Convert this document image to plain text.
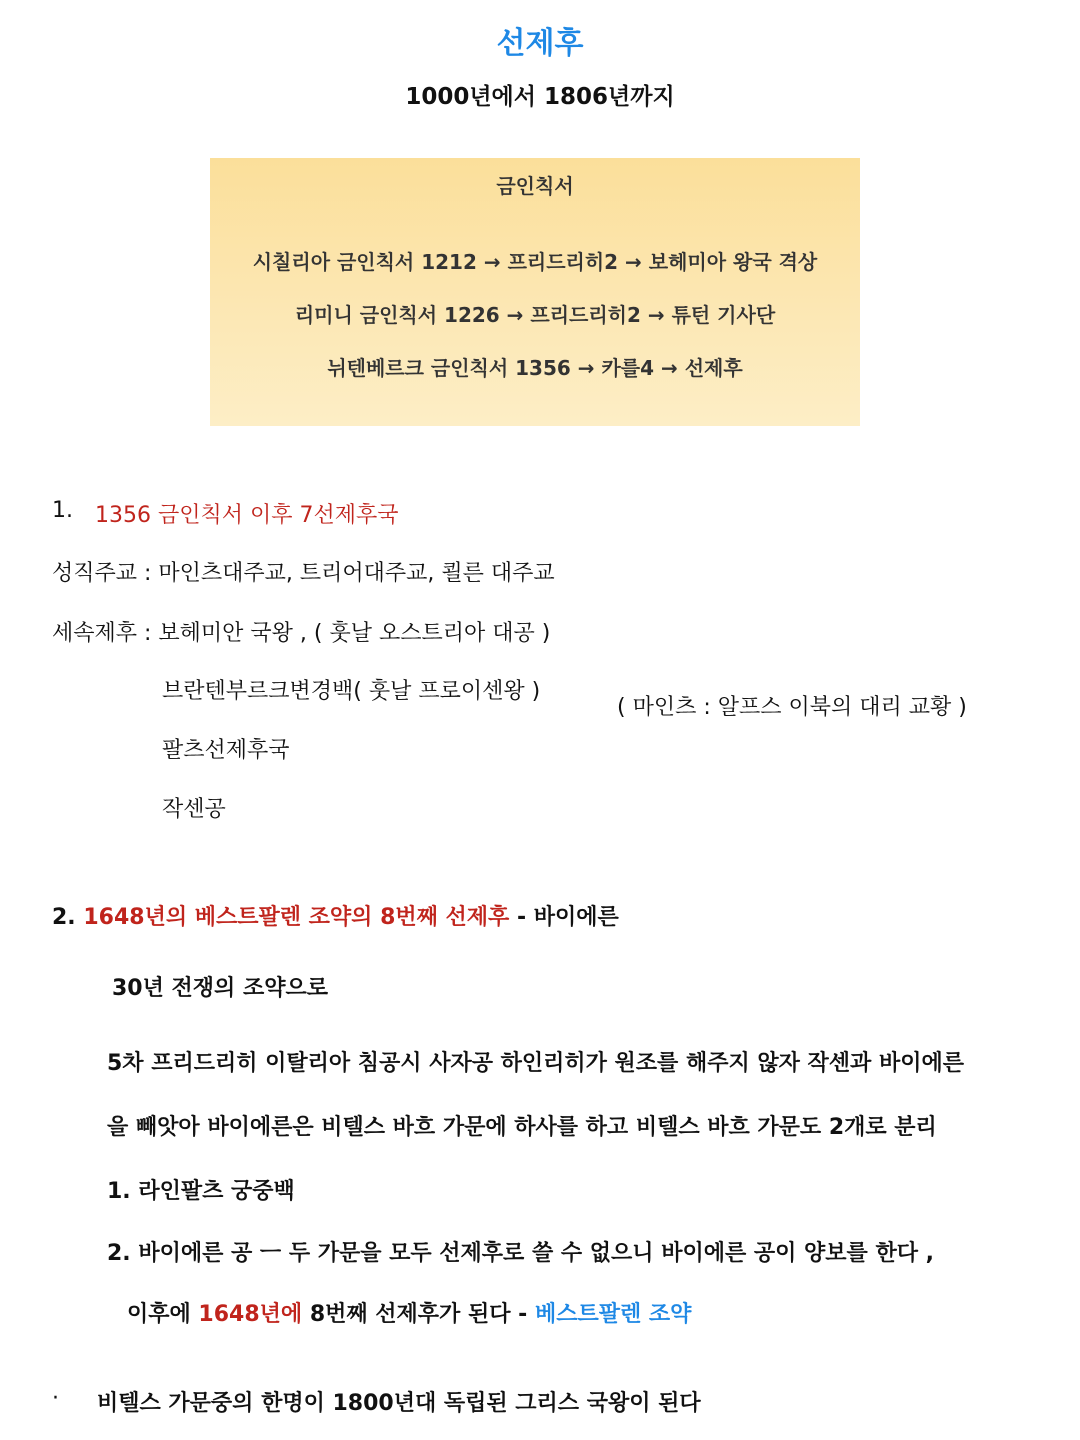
선제후
1000년에서 1806년까지
금인칙서
시칠리아 금인칙서 1212 → 프리드리히2 → 보헤미아 왕국 격상
리미니 금인칙서 1226 → 프리드리히2 → 튜턴 기사단
뉘텐베르크 금인칙서 1356 → 카를4 → 선제후
1. 1356 금인칙서 이후 7선제후국
성직주교 : 마인츠대주교, 트리어대주교, 쾰른 대주교
세속제후 : 보헤미안 국왕 , ( 훗날 오스트리아 대공 )
브란텐부르크변경백( 훗날 프로이센왕 )
팔츠선제후국
작센공
( 마인츠 : 알프스 이북의 대리 교황 )
2. 1648년의 베스트팔렌 조약의 8번째 선제후 - 바이에른
30년 전쟁의 조약으로
5차 프리드리히 이탈리아 침공시 사자공 하인리히가 원조를 해주지 않자 작센과 바이에른
을 빼앗아 바이에른은 비텔스 바흐 가문에 하사를 하고 비텔스 바흐 가문도 2개로 분리
1. 라인팔츠 궁중백
2. 바이에른 공 ㅡ 두 가문을 모두 선제후로 쓸 수 없으니 바이에른 공이 양보를 한다 ,
이후에 1648년에 8번째 선제후가 된다 - 베스트팔렌 조약
· 비텔스 가문중의 한명이 1800년대 독립된 그리스 국왕이 된다
